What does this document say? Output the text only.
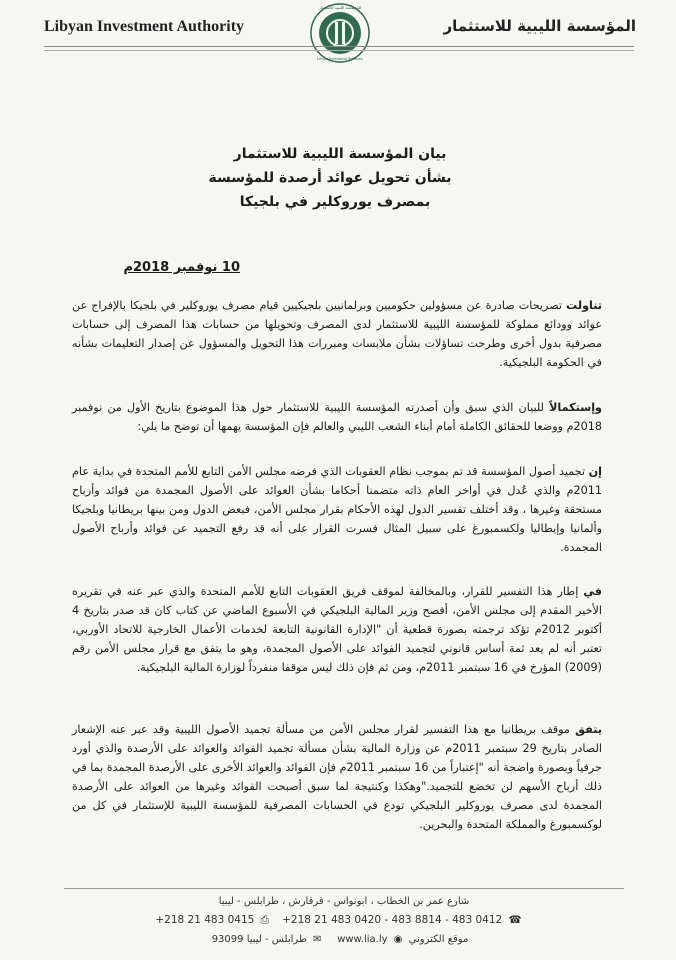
Libyan Investment Authority	المؤسسة الليبية للاستثمار
Libyan Investment Authority
المؤسسة الليبية للاستثمار
بيان المؤسسة الليبية للاستثمار
بشأن تحويل عوائد أرصدة للمؤسسة
بمصرف يوروكلير في بلجيكا
10 نوفمبر 2018م
تناولت تصريحات صادرة عن مسؤولين حكوميين وبرلمانيين بلجيكيين قيام مصرف يوروكلير في بلجيكا بالإفراج عن عوائد وودائع مملوكة للمؤسسة الليبية للاستثمار لدى المصرف وتحويلها من حسابات هذا المصرف إلى حسابات مصرفية بدول أخرى وطرحت تساؤلات بشأن ملابسات ومبررات هذا التحويل والمسؤول عن إصدار التعليمات بشأنه في الحكومة البلجيكية.
وإستكمالاً للبيان الذي سبق وأن أصدرته المؤسسة الليبية للاستثمار حول هذا الموضوع بتاريخ الأول من نوفمبر 2018م ووضعا للحقائق الكاملة أمام أبناء الشعب الليبي والعالم فإن المؤسسة يهمها أن توضح ما يلي:
إن تجميد أصول المؤسسة قد تم بموجب نظام العقوبات الذي فرضه مجلس الأمن التابع للأمم المتحدة في بداية عام 2011م والذي عُدل في أواخر العام ذاته متضمنا أحكاما بشأن العوائد على الأصول المجمدة من فوائد وأرباح مستحقة وغيرها ، وقد أختلف تفسير الدول لهذه الأحكام بقرار مجلس الأمن، فبعض الدول ومن بينها بريطانيا وبلجيكا وألمانيا وإيطاليا ولكسمبورغ على سبيل المثال فسرت القرار على أنه قد رفع التجميد عن فوائد وأرباح الأصول المجمدة.
في إطار هذا التفسير للقرار، وبالمخالفة لموقف فريق العقوبات التابع للأمم المتحدة والذي عبر عنه في تقريره الأخير المقدم إلى مجلس الأمن، أفصح وزير المالية البلجيكي في الأسبوع الماضي عن كتاب كان قد صدر بتاريخ 4 أكتوبر 2012م تؤكد ترجمته بصورة قطعية أن "الإدارة القانونية التابعة لخدمات الأعمال الخارجية للاتحاد الأوربي، تعتبر أنه لم يعد ثمة أساس قانوني لتجميد الفوائد على الأصول المجمدة، وهو ما يتفق مع قرار مجلس الأمن رقم (2009) المؤرخ في 16 سبتمبر 2011م، ومن ثم فإن ذلك ليس موقفا منفرداً لوزارة المالية البلجيكية.
يتفق موقف بريطانيا مع هذا التفسير لقرار مجلس الأمن من مسألة تجميد الأصول الليبية وقد عبر عنه الإشعار الصادر بتاريخ 29 سبتمبر 2011م عن وزارة المالية بشأن مسألة تجميد الفوائد والعوائد على الأرصدة والذي أورد حرفياً وبصورة واضحة أنه "إعتباراً من 16 سبتمبر 2011م فإن الفوائد والعوائد الأخرى على الأرصدة المجمدة بما في ذلك أرباح الأسهم لن تخضع للتجميد."وهكذا وكنتيجة لما سبق أصبحت الفوائد وغيرها من العوائد على الأرصدة المجمدة لدى مصرف يوروكلير البلجيكي تودع في الحسابات المصرفية للمؤسسة الليبية للإستثمار في كل من لوكسمبورغ والمملكة المتحدة والبحرين.
شارع عمر بن الخطاب ، ابونواس - قرقارش ، طرابلس - ليبيا
+218 21 483 0415 ⎙ +218 21 483 0420 - 483 8814 - 483 0412 ☎
93099 طرابلس - ليبيا ✉ www.lia.ly ◉ موقع الكتروني
